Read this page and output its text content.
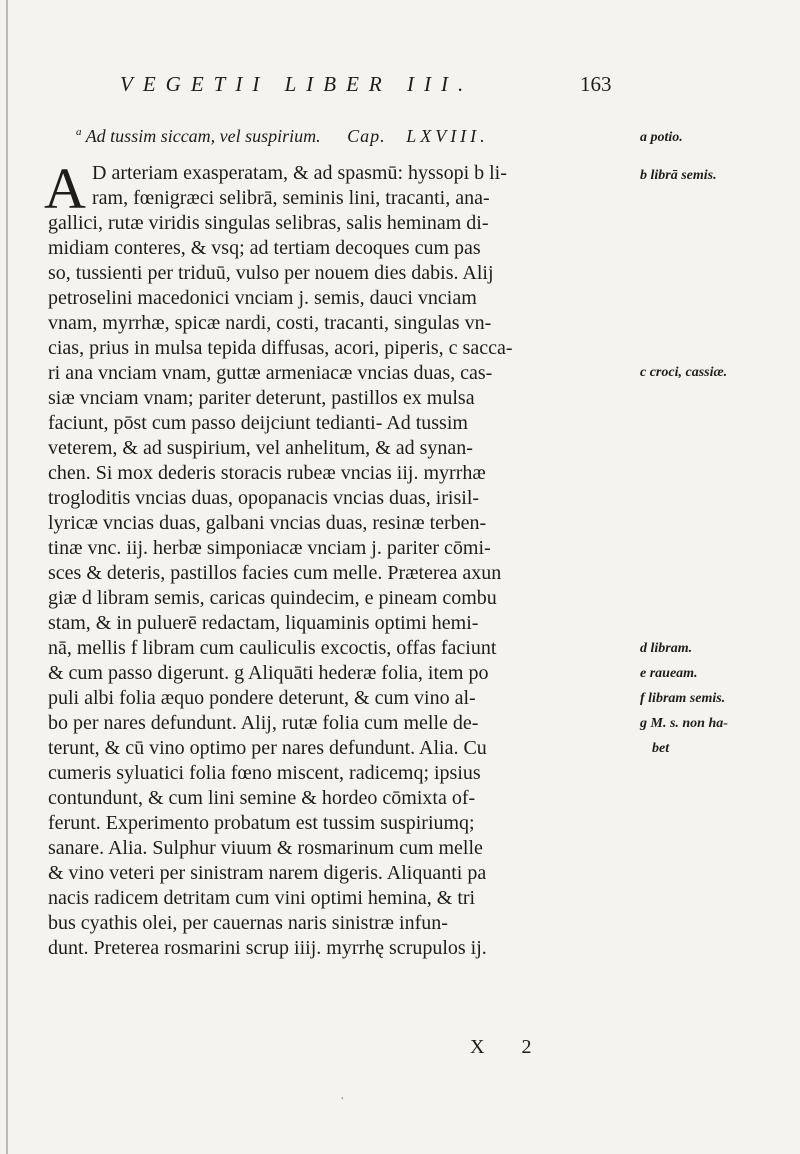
VEGETII LIBER III.	163
$^a$ Ad tussim siccam, vel suspirium. Cap. LXVIII.
A D arteriam exasperatam, & ad spasmū: hyssopi b li-
ram, fœnigræci selibrā, seminis lini, tracanti, ana-
gallici, rutæ viridis singulas selibras, salis heminam di-
midiam conteres, & vsq; ad tertiam decoques cum pas
so, tussienti per triduū, vulso per nouem dies dabis. Alij
petroselini macedonici vnciam j. semis, dauci vnciam
vnam, myrrhæ, spicæ nardi, costi, tracanti, singulas vn-
cias, prius in mulsa tepida diffusas, acori, piperis, c sacca-
ri ana vnciam vnam, guttæ armeniacæ vncias duas, cas-
siæ vnciam vnam; pariter deterunt, pastillos ex mulsa
faciunt, pōst cum passo deijciunt tedianti- Ad tussim
veterem, & ad suspirium, vel anhelitum, & ad synan-
chen. Si mox dederis storacis rubeæ vncias iij. myrrhæ
trogloditis vncias duas, opopanacis vncias duas, irisil-
lyricæ vncias duas, galbani vncias duas, resinæ terben-
tinæ vnc. iij. herbæ simponiacæ vnciam j. pariter cōmi-
sces & deteris, pastillos facies cum melle. Præterea axun
giæ d libram semis, caricas quindecim, e pineam combu
stam, & in puluerē redactam, liquaminis optimi hemi-
nā, mellis f libram cum cauliculis excoctis, offas faciunt
& cum passo digerunt. g Aliquāti hederæ folia, item po
puli albi folia æquo pondere deterunt, & cum vino al-
bo per nares defundunt. Alij, rutæ folia cum melle de-
terunt, & cū vino optimo per nares defundunt. Alia. Cu
cumeris syluatici folia fœno miscent, radicemq; ipsius
contundunt, & cum lini semine & hordeo cōmixta of-
ferunt. Experimento probatum est tussim suspiriumq;
sanare. Alia. Sulphur viuum & rosmarinum cum melle
& vino veteri per sinistram narem digeris. Aliquanti pa
nacis radicem detritam cum vini optimi hemina, & tri
bus cyathis olei, per cauernas naris sinistræ infun-
dunt. Preterea rosmarini scrup iiij. myrrhę scrupulos ij.
a potio.
b librā semis.
c croci, cassiæ.
d libram.
e raueam.
f libram semis.
g M. s. non ha-
bet
X 2
·
